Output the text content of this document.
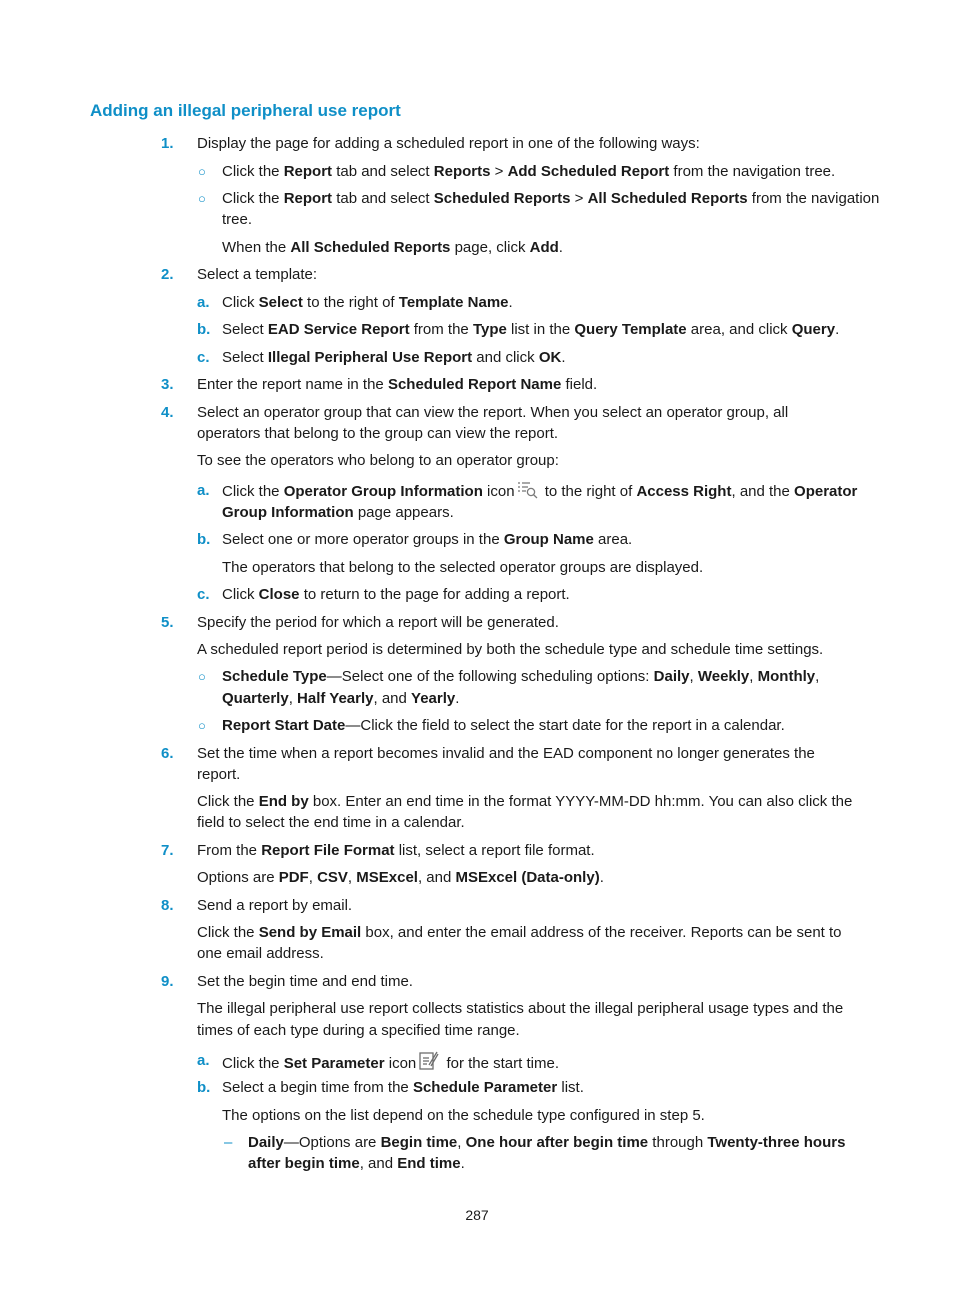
Adding an illegal peripheral use report
1. Display the page for adding a scheduled report in one of the following ways:
○ Click the Report tab and select Reports > Add Scheduled Report from the navigation tree.
○ Click the Report tab and select Scheduled Reports > All Scheduled Reports from the navigation
tree.
When the All Scheduled Reports page, click Add.
2. Select a template:
a. Click Select to the right of Template Name.
b. Select EAD Service Report from the Type list in the Query Template area, and click Query.
c. Select Illegal Peripheral Use Report and click OK.
3. Enter the report name in the Scheduled Report Name field.
4. Select an operator group that can view the report. When you select an operator group, all
operators that belong to the group can view the report.
To see the operators who belong to an operator group:
a. Click the Operator Group Information icon to the right of Access Right, and the Operator
Group Information page appears.
b. Select one or more operator groups in the Group Name area.
The operators that belong to the selected operator groups are displayed.
c. Click Close to return to the page for adding a report.
5. Specify the period for which a report will be generated.
A scheduled report period is determined by both the schedule type and schedule time settings.
○ Schedule Type—Select one of the following scheduling options: Daily, Weekly, Monthly,
Quarterly, Half Yearly, and Yearly.
○ Report Start Date—Click the field to select the start date for the report in a calendar.
6. Set the time when a report becomes invalid and the EAD component no longer generates the
report.
Click the End by box. Enter an end time in the format YYYY-MM-DD hh:mm. You can also click the
field to select the end time in a calendar.
7. From the Report File Format list, select a report file format.
Options are PDF, CSV, MSExcel, and MSExcel (Data-only).
8. Send a report by email.
Click the Send by Email box, and enter the email address of the receiver. Reports can be sent to
one email address.
9. Set the begin time and end time.
The illegal peripheral use report collects statistics about the illegal peripheral usage types and the
times of each type during a specified time range.
a. Click the Set Parameter icon for the start time.
b. Select a begin time from the Schedule Parameter list.
The options on the list depend on the schedule type configured in step 5.
– Daily—Options are Begin time, One hour after begin time through Twenty-three hours
after begin time, and End time.
287
